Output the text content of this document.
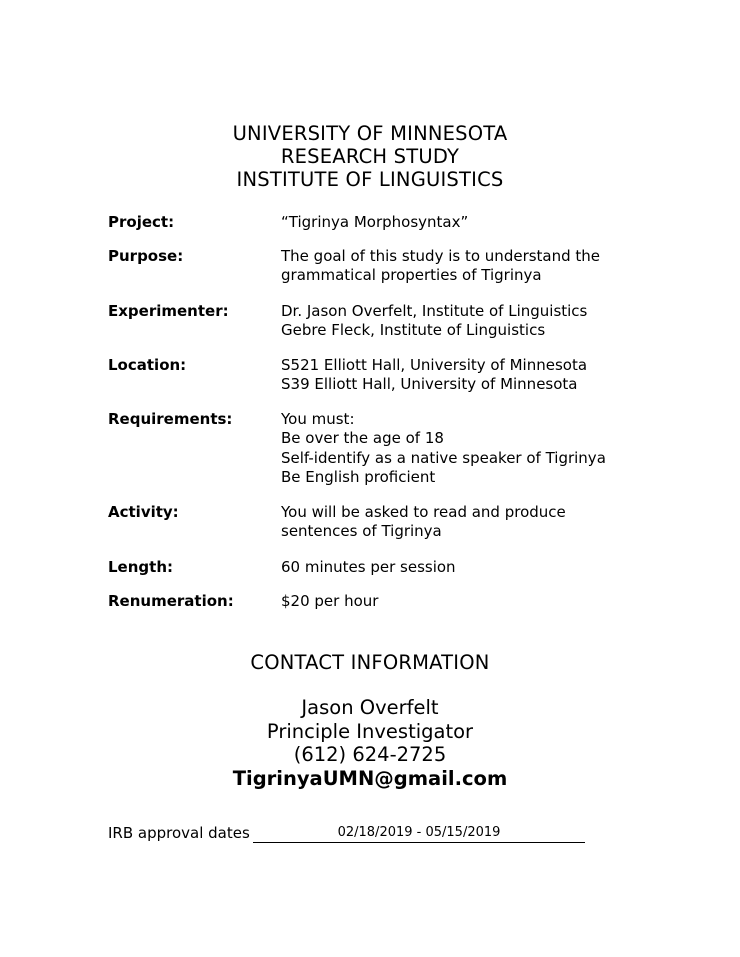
UNIVERSITY OF MINNESOTA
RESEARCH STUDY
INSTITUTE OF LINGUISTICS
Project:	“Tigrinya Morphosyntax”
Purpose:	The goal of this study is to understand the
grammatical properties of Tigrinya
Experimenter:	Dr. Jason Overfelt, Institute of Linguistics
Gebre Fleck, Institute of Linguistics
Location:	S521 Elliott Hall, University of Minnesota
S39 Elliott Hall, University of Minnesota
Requirements:	You must:
Be over the age of 18
Self-identify as a native speaker of Tigrinya
Be English proficient
Activity:	You will be asked to read and produce
sentences of Tigrinya
Length:	60 minutes per session
Renumeration:	$20 per hour
CONTACT INFORMATION
Jason Overfelt
Principle Investigator
(612) 624-2725
TigrinyaUMN@gmail.com
IRB approval dates	02/18/2019 - 05/15/2019
